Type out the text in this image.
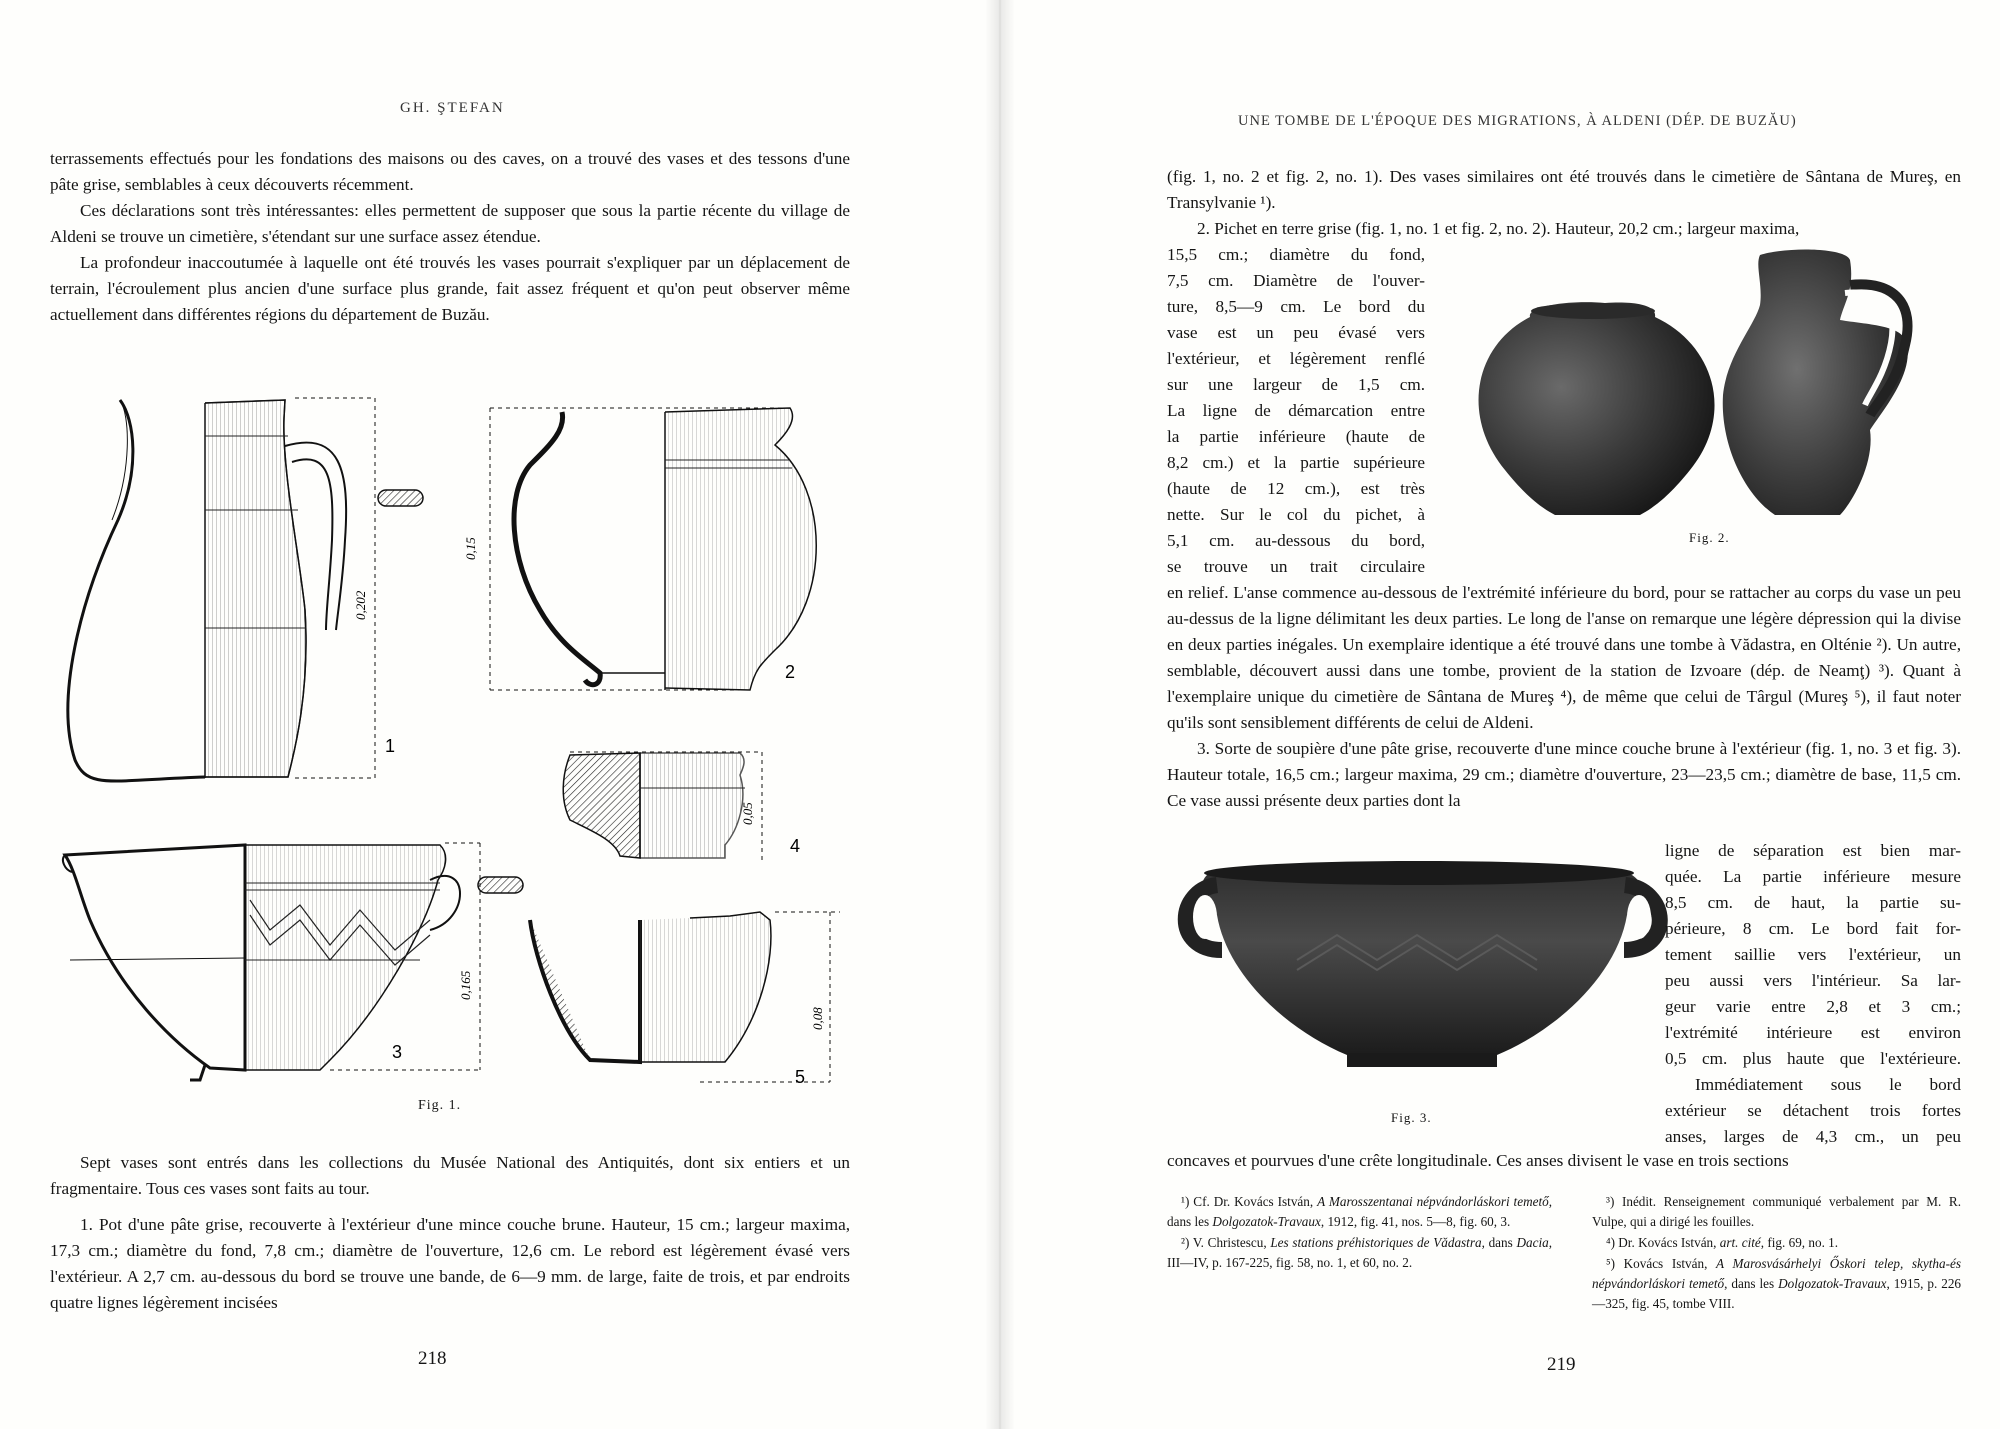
GH. ŞTEFAN

terrassements effectués pour les fondations des maisons ou des caves, on a trouvé des vases et des tessons d'une pâte grise, semblables à ceux découverts récemment.

Ces déclarations sont très intéressantes: elles permettent de supposer que sous la partie récente du village de Aldeni se trouve un cimetière, s'étendant sur une surface assez étendue.

La profondeur inaccoutumée à laquelle ont été trouvés les vases pourrait s'expliquer par un déplacement de terrain, l'écroulement plus ancien d'une surface plus grande, fait assez fréquent et qu'on peut observer même actuellement dans différentes régions du département de Buzău.

0,202
1
0,15
2
0,05
4
0,165
3
0,08
5
Fig. 1.

Sept vases sont entrés dans les collections du Musée National des Antiquités, dont six entiers et un fragmentaire. Tous ces vases sont faits au tour.

1. Pot d'une pâte grise, recouverte à l'extérieur d'une mince couche brune. Hauteur, 15 cm.; largeur maxima, 17,3 cm.; diamètre du fond, 7,8 cm.; diamètre de l'ouverture, 12,6 cm. Le rebord est légèrement évasé vers l'extérieur. A 2,7 cm. au-dessous du bord se trouve une bande, de 6—9 mm. de large, faite de trois, et par endroits quatre lignes légèrement incisées

218
UNE TOMBE DE L'ÉPOQUE DES MIGRATIONS, À ALDENI (DÉP. DE BUZĂU)

(fig. 1, no. 2 et fig. 2, no. 1). Des vases similaires ont été trouvés dans le cimetière de Sântana de Mureş, en Transylvanie ¹).

2. Pichet en terre grise (fig. 1, no. 1 et fig. 2, no. 2). Hauteur, 20,2 cm.; largeur maxima,

15,5 cm.; diamètre du fond,

7,5 cm. Diamètre de l'ouver-

ture, 8,5—9 cm. Le bord du

vase est un peu évasé vers

l'extérieur, et légèrement renflé

sur une largeur de 1,5 cm.

La ligne de démarcation entre

la partie inférieure (haute de

8,2 cm.) et la partie supérieure

(haute de 12 cm.), est très

nette. Sur le col du pichet, à

5,1 cm. au-dessous du bord,

se trouve un trait circulaire

Fig. 2.

en relief. L'anse commence au-dessous de l'extrémité inférieure du bord, pour se rattacher au corps du vase un peu au-dessus de la ligne délimitant les deux parties. Le long de l'anse on remarque une légère dépression qui la divise en deux parties inégales. Un exemplaire identique a été trouvé dans une tombe à Vădastra, en Olténie ²). Un autre, semblable, découvert aussi dans une tombe, provient de la station de Izvoare (dép. de Neamţ) ³). Quant à l'exemplaire unique du cimetière de Sântana de Mureş ⁴), de même que celui de Târgul (Mureş ⁵), il faut noter qu'ils sont sensiblement différents de celui de Aldeni.

3. Sorte de soupière d'une pâte grise, recouverte d'une mince couche brune à l'extérieur (fig. 1, no. 3 et fig. 3). Hauteur totale, 16,5 cm.; largeur maxima, 29 cm.; diamètre d'ouverture, 23—23,5 cm.; diamètre de base, 11,5 cm. Ce vase aussi présente deux parties dont la

Fig. 3.

ligne de séparation est bien mar-

quée. La partie inférieure mesure

8,5 cm. de haut, la partie su-

périeure, 8 cm. Le bord fait for-

tement saillie vers l'extérieur, un

peu aussi vers l'intérieur. Sa lar-

geur varie entre 2,8 et 3 cm.;

l'extrémité intérieure est environ

0,5 cm. plus haute que l'extérieure.

Immédiatement sous le bord

extérieur se détachent trois fortes

anses, larges de 4,3 cm., un peu

concaves et pourvues d'une crête longitudinale. Ces anses divisent le vase en trois sections

¹) Cf. Dr. Kovács István, A Marosszentanai népvándorláskori temető, dans les Dolgozatok-Travaux, 1912, fig. 41, nos. 5—8, fig. 60, 3.

²) V. Christescu, Les stations préhistoriques de Vădastra, dans Dacia, III—IV, p. 167-225, fig. 58, no. 1, et 60, no. 2.

³) Inédit. Renseignement communiqué verbalement par M. R. Vulpe, qui a dirigé les fouilles.

⁴) Dr. Kovács István, art. cité, fig. 69, no. 1.

⁵) Kovács István, A Marosvásárhelyi Őskori telep, skytha-és népvándorláskori temető, dans les Dolgozatok-Travaux, 1915, p. 226—325, fig. 45, tombe VIII.

219
